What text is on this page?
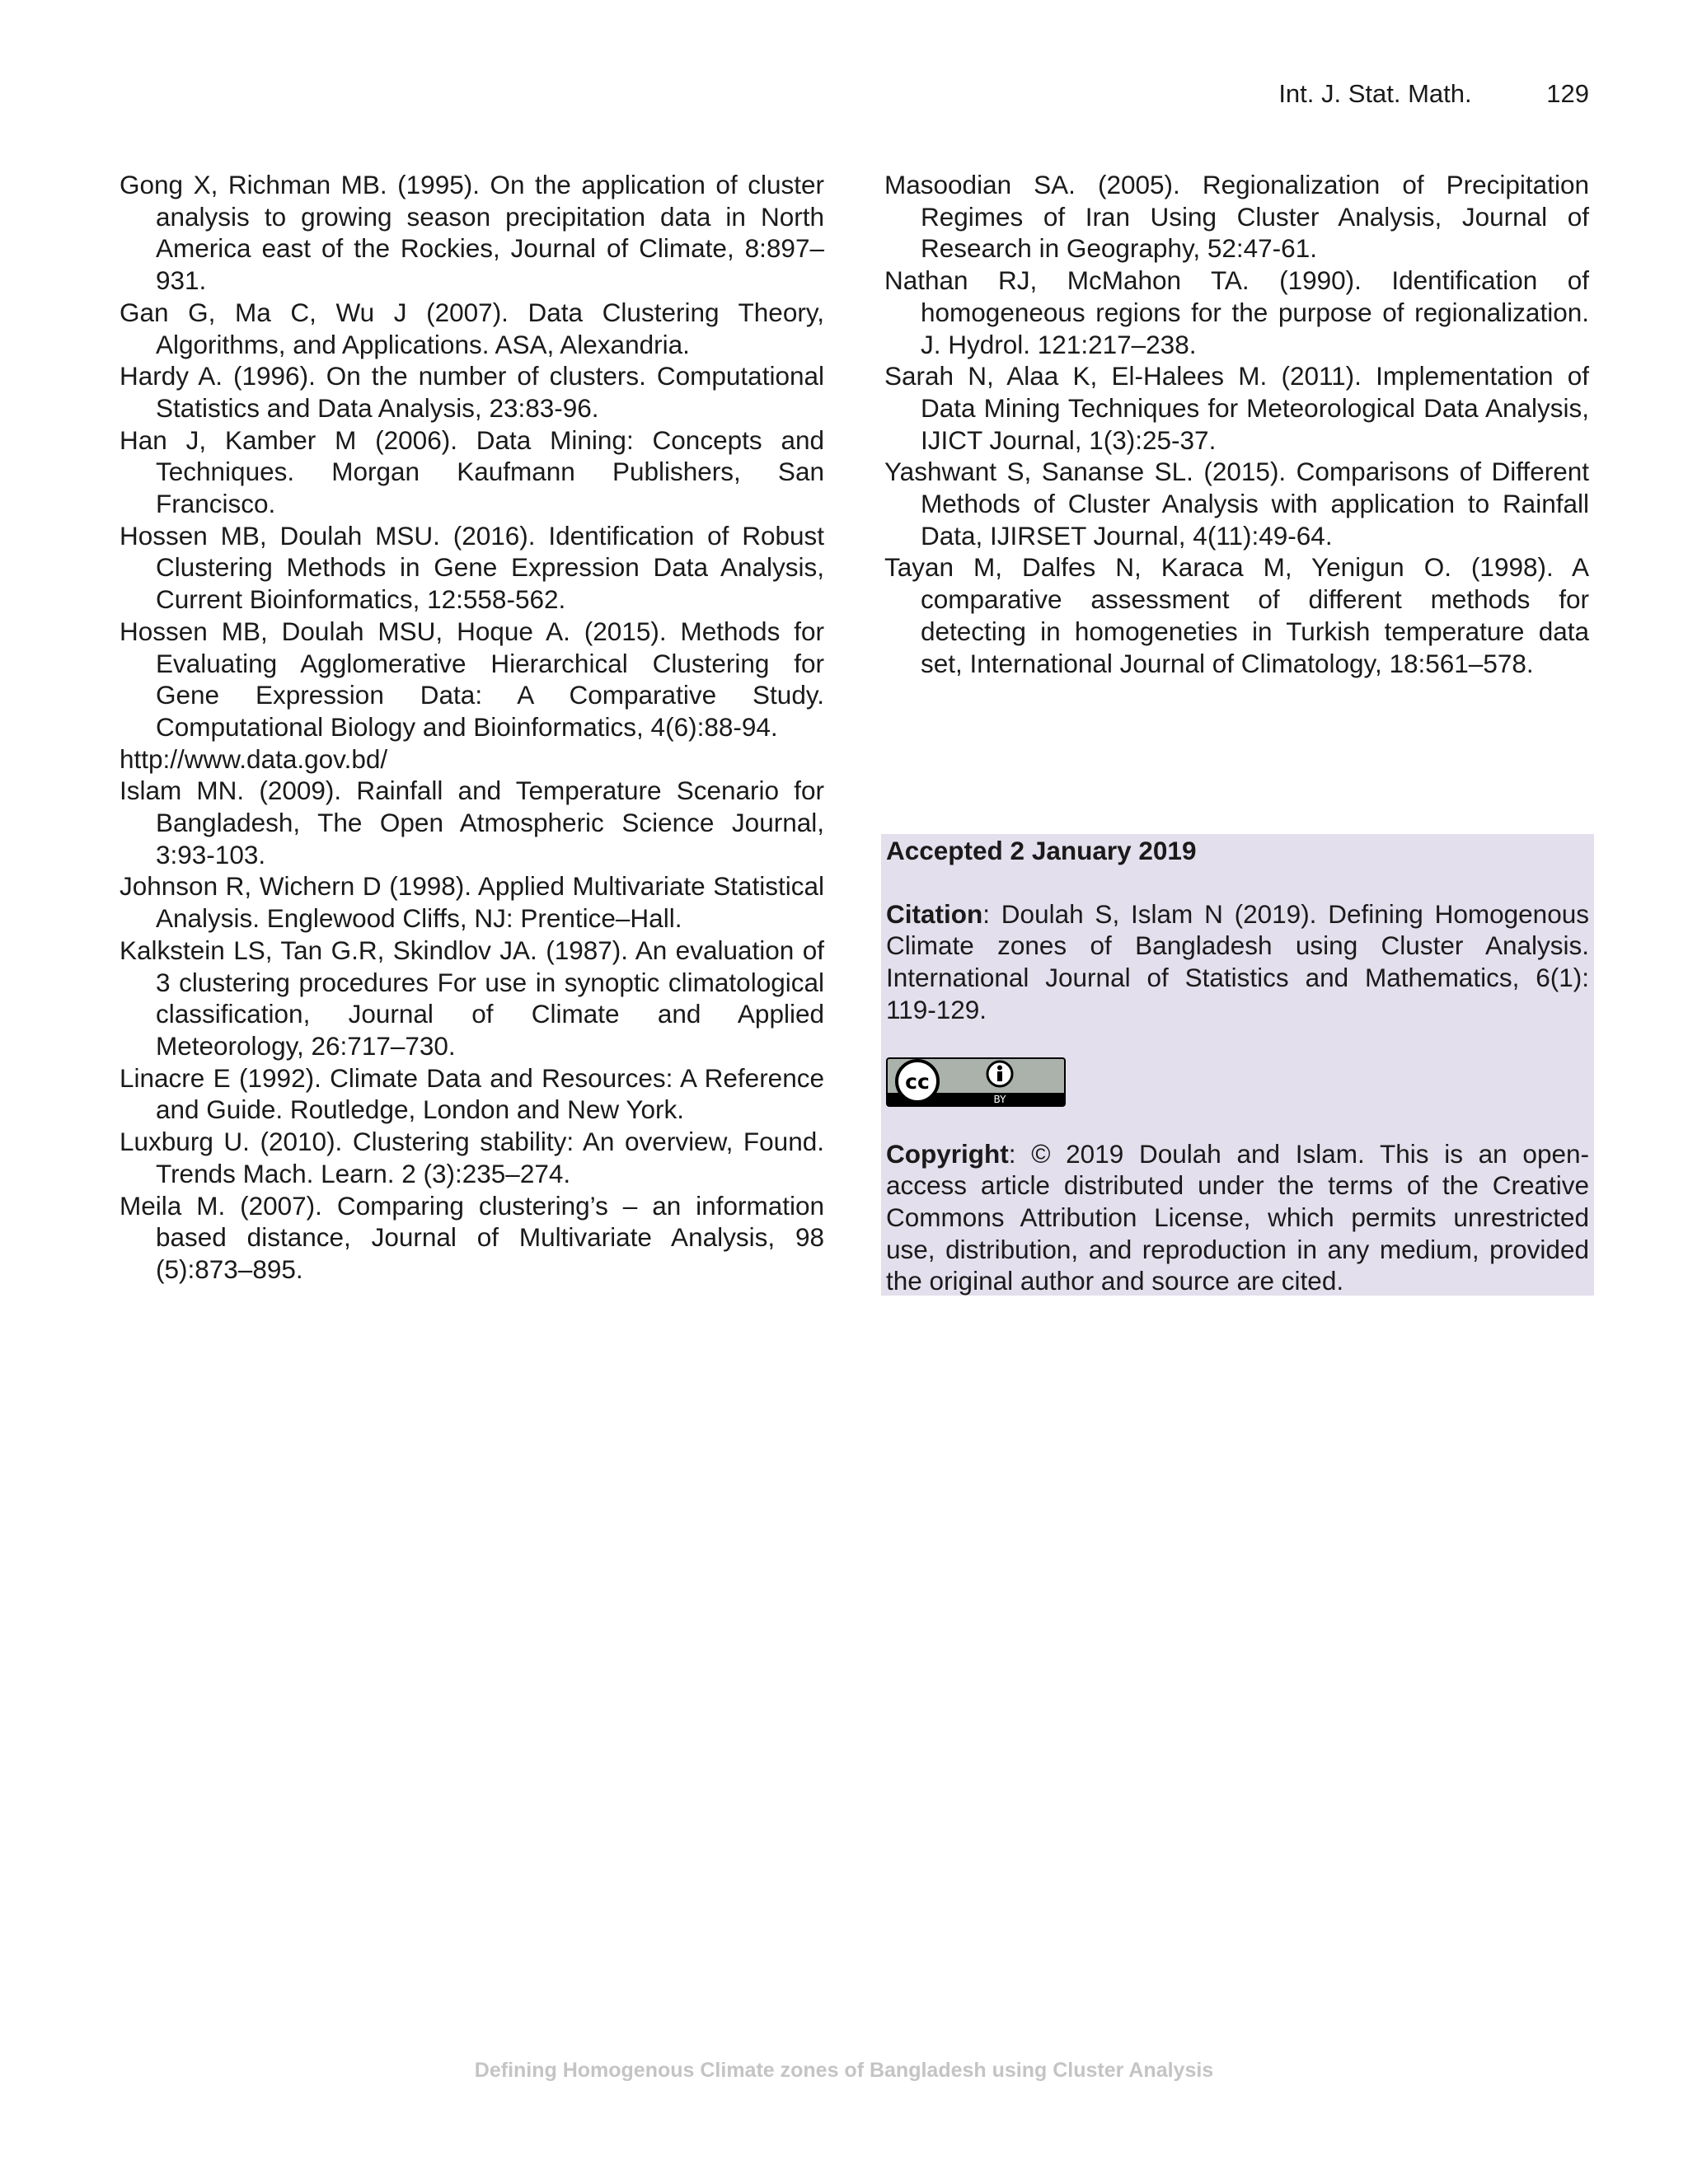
Int. J. Stat. Math.	129

Gong X, Richman MB. (1995). On the application of cluster analysis to growing season precipitation data in North America east of the Rockies, Journal of Climate, 8:897–931.

Gan G, Ma C, Wu J (2007). Data Clustering Theory, Algorithms, and Applications. ASA, Alexandria.

Hardy A. (1996). On the number of clusters. Computational Statistics and Data Analysis, 23:83-96.

Han J, Kamber M (2006). Data Mining: Concepts and Techniques. Morgan Kaufmann Publishers, San Francisco.

Hossen MB, Doulah MSU. (2016). Identification of Robust Clustering Methods in Gene Expression Data Analysis, Current Bioinformatics, 12:558-562.

Hossen MB, Doulah MSU, Hoque A. (2015). Methods for Evaluating Agglomerative Hierarchical Clustering for Gene Expression Data: A Comparative Study. Computational Biology and Bioinformatics, 4(6):88-94.

http://www.data.gov.bd/

Islam MN. (2009). Rainfall and Temperature Scenario for Bangladesh, The Open Atmospheric Science Journal, 3:93-103.

Johnson R, Wichern D (1998). Applied Multivariate Statistical Analysis. Englewood Cliffs, NJ: Prentice–Hall.

Kalkstein LS, Tan G.R, Skindlov JA. (1987). An evaluation of 3 clustering procedures For use in synoptic climatological classification, Journal of Climate and Applied Meteorology, 26:717–730.

Linacre E (1992). Climate Data and Resources: A Reference and Guide. Routledge, London and New York.

Luxburg U. (2010). Clustering stability: An overview, Found. Trends Mach. Learn. 2 (3):235–274.

Meila M. (2007). Comparing clustering’s – an information based distance, Journal of Multivariate Analysis, 98 (5):873–895.

Masoodian SA. (2005). Regionalization of Precipitation Regimes of Iran Using Cluster Analysis, Journal of Research in Geography, 52:47-61.

Nathan RJ, McMahon TA. (1990). Identification of homogeneous regions for the purpose of regionalization. J. Hydrol. 121:217–238.

Sarah N, Alaa K, El-Halees M. (2011). Implementation of Data Mining Techniques for Meteorological Data Analysis, IJICT Journal, 1(3):25-37.

Yashwant S, Sananse SL. (2015). Comparisons of Different Methods of Cluster Analysis with application to Rainfall Data, IJIRSET Journal, 4(11):49-64.

Tayan M, Dalfes N, Karaca M, Yenigun O. (1998). A comparative assessment of different methods for detecting in homogeneties in Turkish temperature data set, International Journal of Climatology, 18:561–578.

Accepted 2 January 2019

Citation: Doulah S, Islam N (2019). Defining Homogenous Climate zones of Bangladesh using Cluster Analysis. International Journal of Statistics and Mathematics, 6(1): 119-129.

cc
BY

Copyright: © 2019 Doulah and Islam. This is an open-access article distributed under the terms of the Creative Commons Attribution License, which permits unrestricted use, distribution, and reproduction in any medium, provided the original author and source are cited.

Defining Homogenous Climate zones of Bangladesh using Cluster Analysis
